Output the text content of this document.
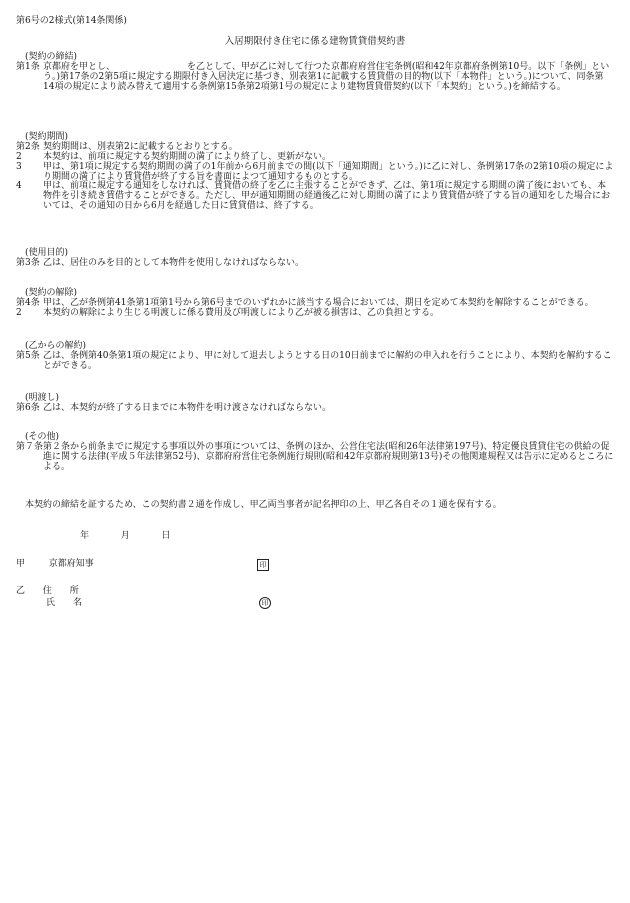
第6号の2様式(第14条関係)
入居期限付き住宅に係る建物賃貸借契約書
(契約の締結)
第1条 京都府を甲とし、	を乙として、甲が乙に対して行つた京都府府営住宅条例(昭和42年京都府条例第10号。以下「条例」という。)第17条の2第5項に規定する期限付き入居決定に基づき、別表第1に記載する賃貸借の目的物(以下「本物件」という。)について、同条第14項の規定により読み替えて適用する条例第15条第2項第1号の規定により建物賃貸借契約(以下「本契約」という。)を締結する。
(契約期間)
第2条 契約期間は、別表第2に記載するとおりとする。
2	本契約は、前項に規定する契約期間の満了により終了し、更新がない。
3	甲は、第1項に規定する契約期間の満了の1年前から6月前までの間(以下「通知期間」という。)に乙に対し、条例第17条の2第10項の規定により期間の満了により賃貸借が終了する旨を書面によつて通知するものとする。
4	甲は、前項に規定する通知をしなければ、賃貸借の終了を乙に主張することができず、乙は、第1項に規定する期間の満了後においても、本物件を引き続き賃借することができる。ただし、甲が通知期間の経過後乙に対し期間の満了により賃貸借が終了する旨の通知をした場合においては、その通知の日から6月を経過した日に賃貸借は、終了する。
(使用目的)
第3条 乙は、居住のみを目的として本物件を使用しなければならない。
(契約の解除)
第4条 甲は、乙が条例第41条第1項第1号から第6号までのいずれかに該当する場合においては、期日を定めて本契約を解除することができる。
2	本契約の解除により生じる明渡しに係る費用及び明渡しにより乙が被る損害は、乙の負担とする。
(乙からの解約)
第5条 乙は、条例第40条第1項の規定により、甲に対して退去しようとする日の10日前までに解約の申入れを行うことにより、本契約を解約することができる。
(明渡し)
第6条 乙は、本契約が終了する日までに本物件を明け渡さなければならない。
(その他)
第７条 第２条から前条までに規定する事項以外の事項については、条例のほか、公営住宅法(昭和26年法律第197号)、特定優良賃貸住宅の供給の促進に関する法律(平成５年法律第52号)、京都府府営住宅条例施行規則(昭和42年京都府規則第13号)その他関連規程又は告示に定めるところによる。
本契約の締結を証するため、この契約書２通を作成し、甲乙両当事者が記名押印の上、甲乙各自その１通を保有する。
年	月	日
甲	京都府知事	印
乙 住　　所
氏　　名	印
